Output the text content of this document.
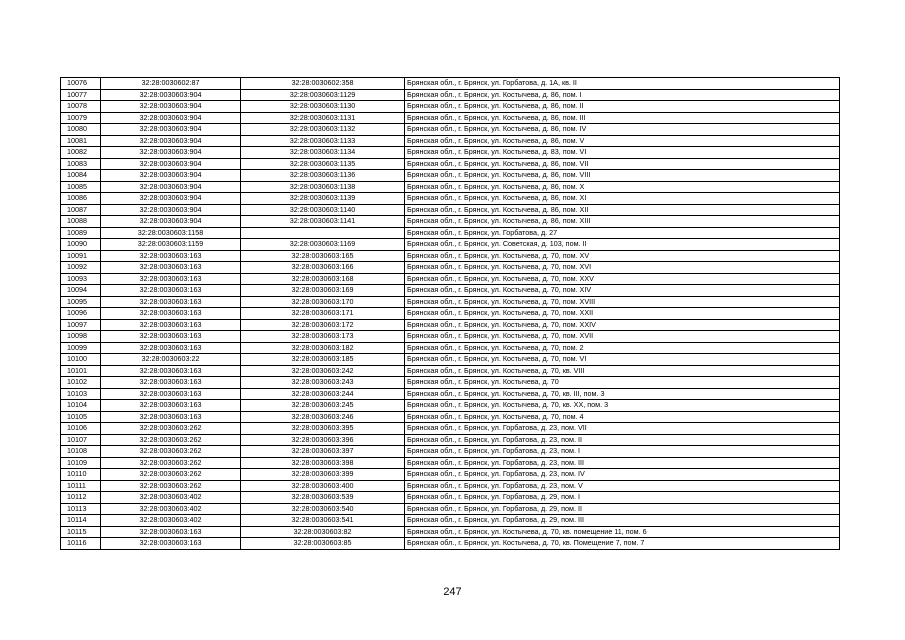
10076	32:28:0030602:87	32:28:0030602:358	Брянская обл., г. Брянск, ул. Горбатова, д. 1А, кв. II
10077	32:28:0030603:904	32:28:0030603:1129	Брянская обл., г. Брянск, ул. Костычева, д. 86, пом. I
10078	32:28:0030603:904	32:28:0030603:1130	Брянская обл., г. Брянск, ул. Костычева, д. 86, пом. II
10079	32:28:0030603:904	32:28:0030603:1131	Брянская обл., г. Брянск, ул. Костычева, д. 86, пом. III
10080	32:28:0030603:904	32:28:0030603:1132	Брянская обл., г. Брянск, ул. Костычева, д. 86, пом. IV
10081	32:28:0030603:904	32:28:0030603:1133	Брянская обл., г. Брянск, ул. Костычева, д. 86, пом. V
10082	32:28:0030603:904	32:28:0030603:1134	Брянская обл., г. Брянск, ул. Костычева, д. 83, пом. VI
10083	32:28:0030603:904	32:28:0030603:1135	Брянская обл., г. Брянск, ул. Костычева, д. 86, пом. VII
10084	32:28:0030603:904	32:28:0030603:1136	Брянская обл., г. Брянск, ул. Костычева, д. 86, пом. VIII
10085	32:28:0030603:904	32:28:0030603:1138	Брянская обл., г. Брянск, ул. Костычева, д. 86, пом. X
10086	32:28:0030603:904	32:28:0030603:1139	Брянская обл., г. Брянск, ул. Костычева, д. 86, пом. XI
10087	32:28:0030603:904	32:28:0030603:1140	Брянская обл., г. Брянск, ул. Костычева, д. 86, пом. XII
10088	32:28:0030603:904	32:28:0030603:1141	Брянская обл., г. Брянск, ул. Костычева, д. 86, пом. XIII
10089	32:28:0030603:1158		Брянская обл., г. Брянск, ул. Горбатова, д. 27
10090	32:28:0030603:1159	32:28:0030603:1169	Брянская обл., г. Брянск, ул. Советская, д. 103, пом. II
10091	32:28:0030603:163	32:28:0030603:165	Брянская обл., г. Брянск, ул. Костычева, д. 70, пом. XV
10092	32:28:0030603:163	32:28:0030603:166	Брянская обл., г. Брянск, ул. Костычева, д. 70, пом. XVI
10093	32:28:0030603:163	32:28:0030603:168	Брянская обл., г. Брянск, ул. Костычева, д. 70, пом. XXV
10094	32:28:0030603:163	32:28:0030603:169	Брянская обл., г. Брянск, ул. Костычева, д. 70, пом. XIV
10095	32:28:0030603:163	32:28:0030603:170	Брянская обл., г. Брянск, ул. Костычева, д. 70, пом. XVIII
10096	32:28:0030603:163	32:28:0030603:171	Брянская обл., г. Брянск, ул. Костычева, д. 70, пом. XXII
10097	32:28:0030603:163	32:28:0030603:172	Брянская обл., г. Брянск, ул. Костычева, д. 70, пом. XXIV
10098	32:28:0030603:163	32:28:0030603:173	Брянская обл., г. Брянск, ул. Костычева, д. 70, пом. XVII
10099	32:28:0030603:163	32:28:0030603:182	Брянская обл., г. Брянск, ул. Костычева, д. 70, пом. 2
10100	32:28:0030603:22	32:28:0030603:185	Брянская обл., г. Брянск, ул. Костычева, д. 70, пом. VI
10101	32:28:0030603:163	32:28:0030603:242	Брянская обл., г. Брянск, ул. Костычева, д. 70, кв. VIII
10102	32:28:0030603:163	32:28:0030603:243	Брянская обл., г. Брянск, ул. Костычева, д. 70
10103	32:28:0030603:163	32:28:0030603:244	Брянская обл., г. Брянск, ул. Костычева, д. 70, кв. III, пом. 3
10104	32:28:0030603:163	32:28:0030603:245	Брянская обл., г. Брянск, ул. Костычева, д. 70, кв. XX, пом. 3
10105	32:28:0030603:163	32:28:0030603:246	Брянская обл., г. Брянск, ул. Костычева, д. 70, пом. 4
10106	32:28:0030603:262	32:28:0030603:395	Брянская обл., г. Брянск, ул. Горбатова, д. 23, пом. VII
10107	32:28:0030603:262	32:28:0030603:396	Брянская обл., г. Брянск, ул. Горбатова, д. 23, пом. II
10108	32:28:0030603:262	32:28:0030603:397	Брянская обл., г. Брянск, ул. Горбатова, д. 23, пом. I
10109	32:28:0030603:262	32:28:0030603:398	Брянская обл., г. Брянск, ул. Горбатова, д. 23, пом. III
10110	32:28:0030603:262	32:28:0030603:399	Брянская обл., г. Брянск, ул. Горбатова, д. 23, пом. IV
10111	32:28:0030603:262	32:28:0030603:400	Брянская обл., г. Брянск, ул. Горбатова, д. 23, пом. V
10112	32:28:0030603:402	32:28:0030603:539	Брянская обл., г. Брянск, ул. Горбатова, д. 29, пом. I
10113	32:28:0030603:402	32:28:0030603:540	Брянская обл., г. Брянск, ул. Горбатова, д. 29, пом. II
10114	32:28:0030603:402	32:28:0030603:541	Брянская обл., г. Брянск, ул. Горбатова, д. 29, пом. III
10115	32:28:0030603:163	32:28:0030603:82	Брянская обл., г. Брянск, ул. Костычева, д. 70, кв. помещение 11, пом. 6
10116	32:28:0030603:163	32:28:0030603:85	Брянская обл., г. Брянск, ул. Костычева, д. 70, кв. Помещение 7, пом. 7
247
